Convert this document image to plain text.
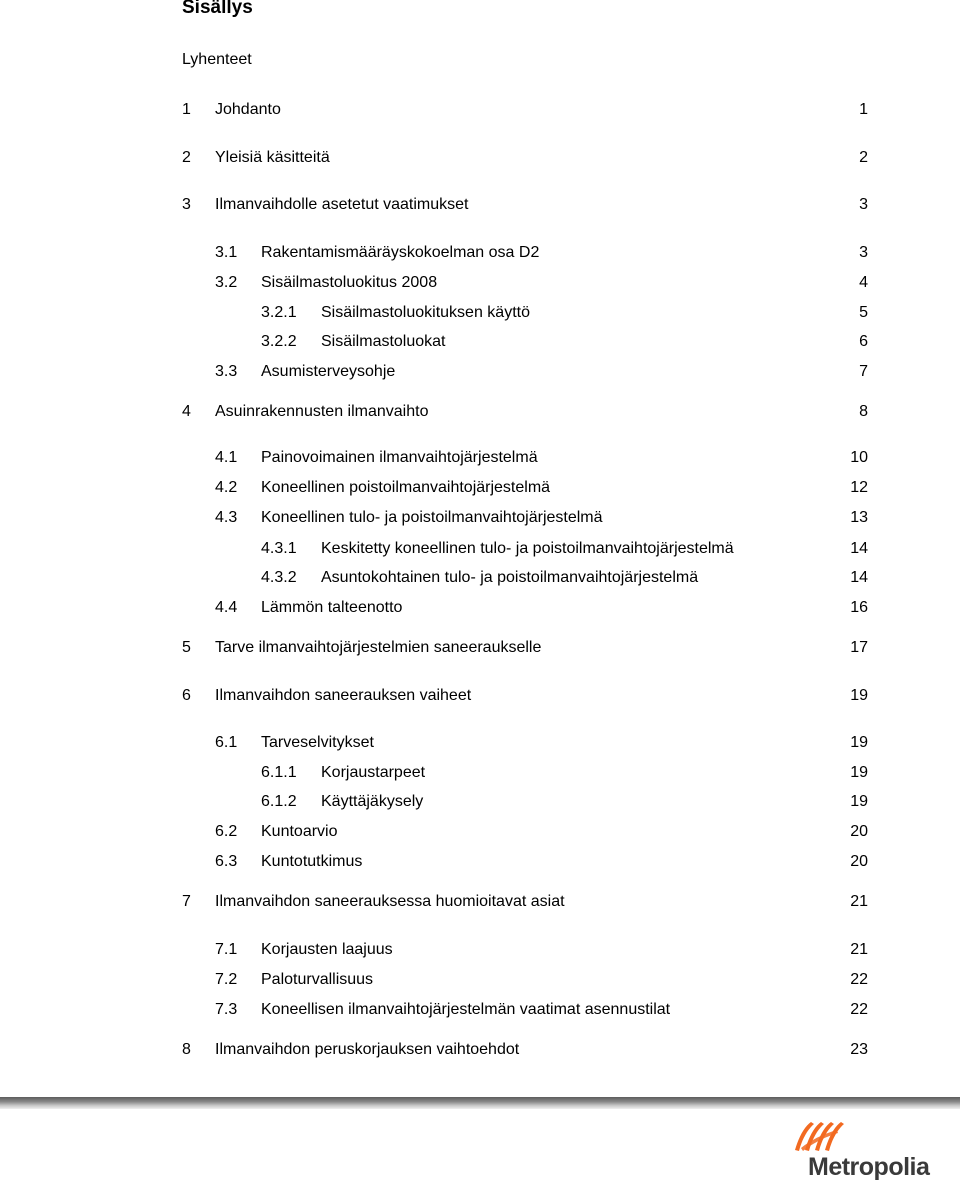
Sisällys
Lyhenteet
1 Johdanto	1
2 Yleisiä käsitteitä	2
3 Ilmanvaihdolle asetetut vaatimukset	3
3.1 Rakentamismääräyskokoelman osa D2	3
3.2 Sisäilmastoluokitus 2008	4
3.2.1 Sisäilmastoluokituksen käyttö	5
3.2.2 Sisäilmastoluokat	6
3.3 Asumisterveysohje	7
4 Asuinrakennusten ilmanvaihto	8
4.1 Painovoimainen ilmanvaihtojärjestelmä	10
4.2 Koneellinen poistoilmanvaihtojärjestelmä	12
4.3 Koneellinen tulo- ja poistoilmanvaihtojärjestelmä	13
4.3.1 Keskitetty koneellinen tulo- ja poistoilmanvaihtojärjestelmä	14
4.3.2 Asuntokohtainen tulo- ja poistoilmanvaihtojärjestelmä	14
4.4 Lämmön talteenotto	16
5 Tarve ilmanvaihtojärjestelmien saneeraukselle	17
6 Ilmanvaihdon saneerauksen vaiheet	19
6.1 Tarveselvitykset	19
6.1.1 Korjaustarpeet	19
6.1.2 Käyttäjäkysely	19
6.2 Kuntoarvio	20
6.3 Kuntotutkimus	20
7 Ilmanvaihdon saneerauksessa huomioitavat asiat	21
7.1 Korjausten laajuus	21
7.2 Paloturvallisuus	22
7.3 Koneellisen ilmanvaihtojärjestelmän vaatimat asennustilat	22
8 Ilmanvaihdon peruskorjauksen vaihtoehdot	23
Metropolia
